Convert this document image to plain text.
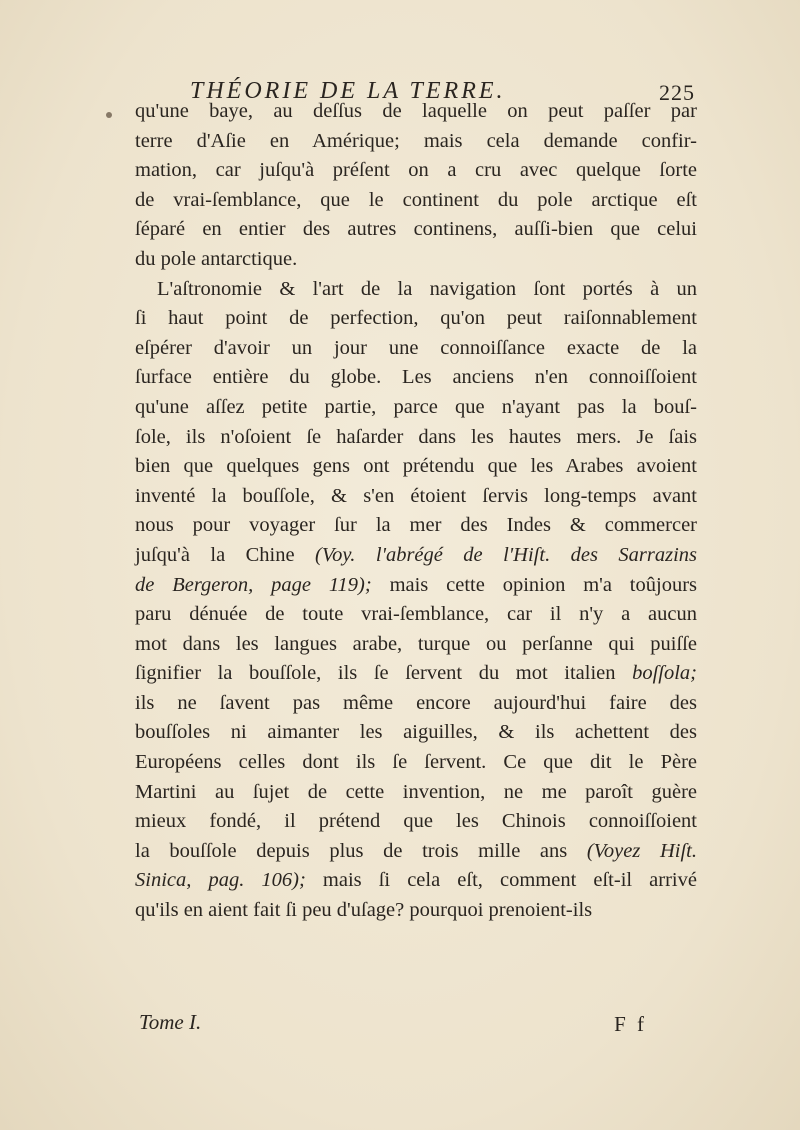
THÉORIE DE LA TERRE.	225
qu'une baye, au deſſus de laquelle on peut paſſer par
terre d'Aſie en Amérique; mais cela demande confir-
mation, car juſqu'à préſent on a cru avec quelque ſorte
de vrai-ſemblance, que le continent du pole arctique eſt
ſéparé en entier des autres continens, auſſi-bien que celui
du pole antarctique.
L'aſtronomie & l'art de la navigation ſont portés à un
ſi haut point de perfection, qu'on peut raiſonnablement
eſpérer d'avoir un jour une connoiſſance exacte de la
ſurface entière du globe. Les anciens n'en connoiſſoient
qu'une aſſez petite partie, parce que n'ayant pas la bouſ-
ſole, ils n'oſoient ſe haſarder dans les hautes mers. Je ſais
bien que quelques gens ont prétendu que les Arabes avoient
inventé la bouſſole, & s'en étoient ſervis long-temps avant
nous pour voyager ſur la mer des Indes & commercer
juſqu'à la Chine (Voy. l'abrégé de l'Hiſt. des Sarrazins
de Bergeron, page 119); mais cette opinion m'a toûjours
paru dénuée de toute vrai-ſemblance, car il n'y a aucun
mot dans les langues arabe, turque ou perſanne qui puiſſe
ſignifier la bouſſole, ils ſe ſervent du mot italien boſſola;
ils ne ſavent pas même encore aujourd'hui faire des
bouſſoles ni aimanter les aiguilles, & ils achettent des
Européens celles dont ils ſe ſervent. Ce que dit le Père
Martini au ſujet de cette invention, ne me paroît guère
mieux fondé, il prétend que les Chinois connoiſſoient
la bouſſole depuis plus de trois mille ans (Voyez Hiſt.
Sinica, pag. 106); mais ſi cela eſt, comment eſt-il arrivé
qu'ils en aient fait ſi peu d'uſage? pourquoi prenoient-ils
Tome I.	F f
